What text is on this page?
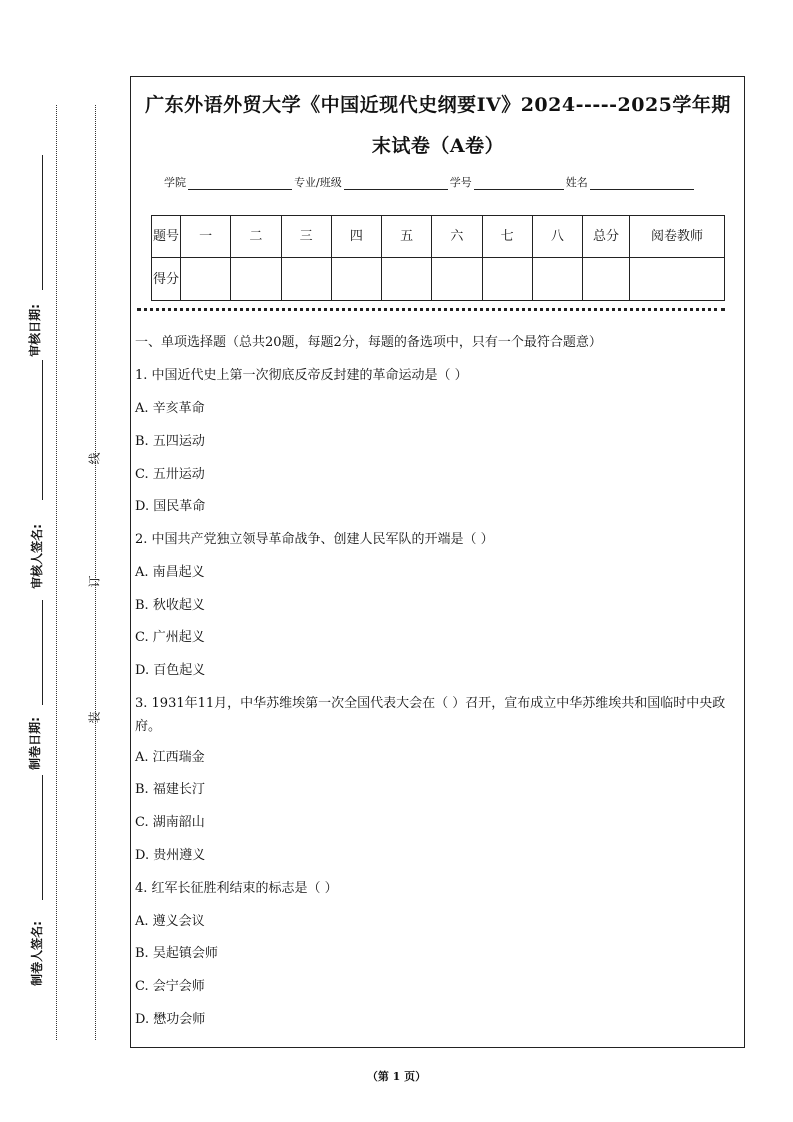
审核日期:
审核人签名:
制卷日期:
制卷人签名:
线
订
装
广东外语外贸大学《中国近现代史纲要IV》2024-----2025学年期
末试卷（A卷）
学院	专业/班级	学号	姓名
题号	一	二	三	四	五	六	七	八	总分	阅卷教师
得分										
一、单项选择题（总共20题，每题2分，每题的备选项中，只有一个最符合题意）
1. 中国近代史上第一次彻底反帝反封建的革命运动是（ ）
A. 辛亥革命
B. 五四运动
C. 五卅运动
D. 国民革命
2. 中国共产党独立领导革命战争、创建人民军队的开端是（ ）
A. 南昌起义
B. 秋收起义
C. 广州起义
D. 百色起义
3. 1931年11月，中华苏维埃第一次全国代表大会在（ ）召开，宣布成立中华苏维埃共和国临时中央政府。
A. 江西瑞金
B. 福建长汀
C. 湖南韶山
D. 贵州遵义
4. 红军长征胜利结束的标志是（ ）
A. 遵义会议
B. 吴起镇会师
C. 会宁会师
D. 懋功会师
（第 1 页）
